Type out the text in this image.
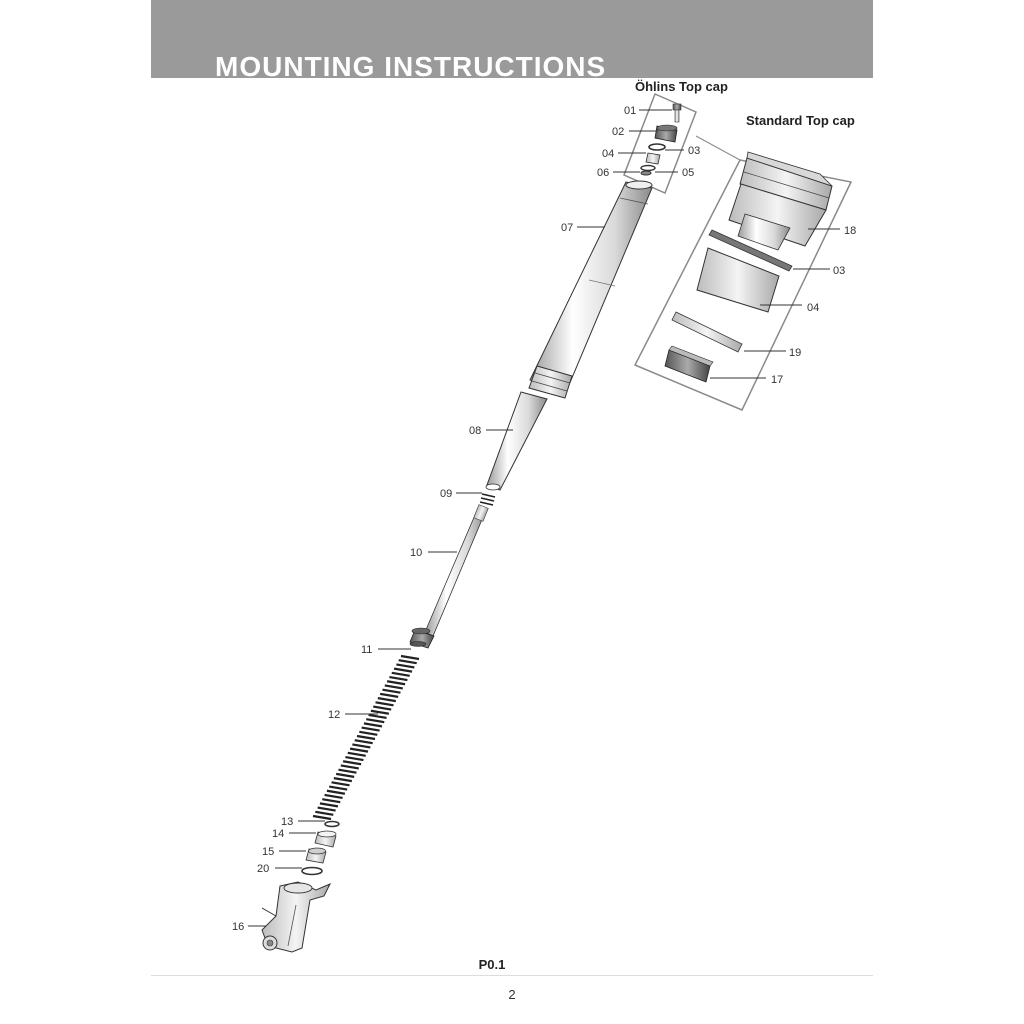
MOUNTING INSTRUCTIONS
Öhlins Top cap
Standard Top cap
01
02
03
04
05
06
07
08
09
10
11
12
13
14
15
16
17
18
19
20
03
04
P0.1
2
